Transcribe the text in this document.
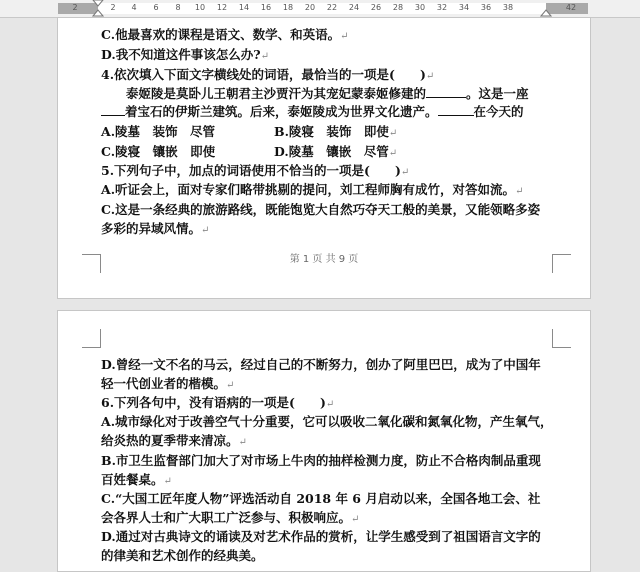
2	2	4	6	8	10	12	14	16	18	20	22	24	26	28	30	32	34	36	38	42
C.他最喜欢的课程是语文、数学、和英语。↵
D.我不知道这件事该怎么办?↵
4.依次填入下面文字横线处的词语，最恰当的一项是(　　)↵
　　泰姬陵是莫卧儿王朝君主沙贾汗为其宠妃蒙泰姬修建的	。这是一座
着宝石的伊斯兰建筑。后来，泰姬陵成为世界文化遗产。	在今天的
A.陵墓　装饰　尽管	B.陵寝　装饰　即使↵
C.陵寝　镶嵌　即使	D.陵墓　镶嵌　尽管↵
5.下列句子中，加点的词语使用不恰当的一项是(　　)↵
A.听证会上，面对专家们略带挑剔的提问，刘工程师胸有成竹，对答如流。↵
C.这是一条经典的旅游路线，既能饱览大自然巧夺天工般的美景，又能领略多姿
多彩的异域风情。↵
第 1 页 共 9 页
D.曾经一文不名的马云，经过自己的不断努力，创办了阿里巴巴，成为了中国年
轻一代创业者的楷模。↵
6.下列各句中，没有语病的一项是(　　)↵
A.城市绿化对于改善空气十分重要，它可以吸收二氧化碳和氮氧化物，产生氧气，
给炎热的夏季带来清凉。↵
B.市卫生监督部门加大了对市场上牛肉的抽样检测力度，防止不合格肉制品重现
百姓餐桌。↵
C.“大国工匠年度人物”评选活动自 2018 年 6 月启动以来，全国各地工会、社
会各界人士和广大职工广泛参与、积极响应。↵
D.通过对古典诗文的诵读及对艺术作品的赏析，让学生感受到了祖国语言文字的
的律美和艺术创作的经典美。
